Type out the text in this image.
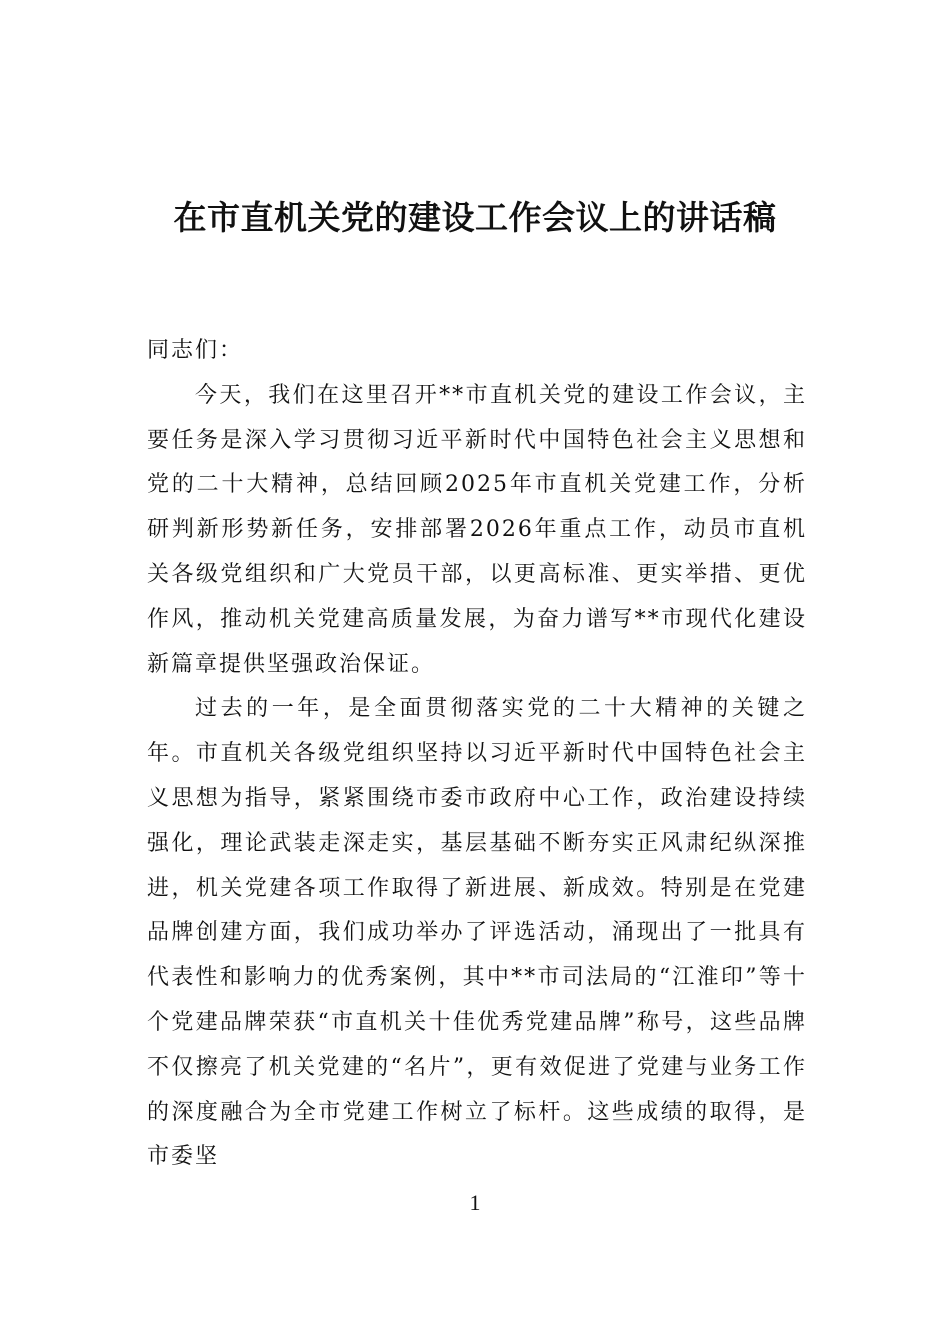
在市直机关党的建设工作会议上的讲话稿

同志们：

今天，我们在这里召开**市直机关党的建设工作会议，主要任务是深入学习贯彻习近平新时代中国特色社会主义思想和党的二十大精神，总结回顾2025年市直机关党建工作，分析研判新形势新任务，安排部署2026年重点工作，动员市直机关各级党组织和广大党员干部，以更高标准、更实举措、更优作风，推动机关党建高质量发展，为奋力谱写**市现代化建设新篇章提供坚强政治保证。

过去的一年，是全面贯彻落实党的二十大精神的关键之年。市直机关各级党组织坚持以习近平新时代中国特色社会主义思想为指导，紧紧围绕市委市政府中心工作，政治建设持续强化，理论武装走深走实，基层基础不断夯实正风肃纪纵深推进，机关党建各项工作取得了新进展、新成效。特别是在党建品牌创建方面，我们成功举办了评选活动，涌现出了一批具有代表性和影响力的优秀案例，其中**市司法局的“江淮印”等十个党建品牌荣获“市直机关十佳优秀党建品牌”称号，这些品牌不仅擦亮了机关党建的“名片”，更有效促进了党建与业务工作的深度融合为全市党建工作树立了标杆。这些成绩的取得，是市委坚

1
